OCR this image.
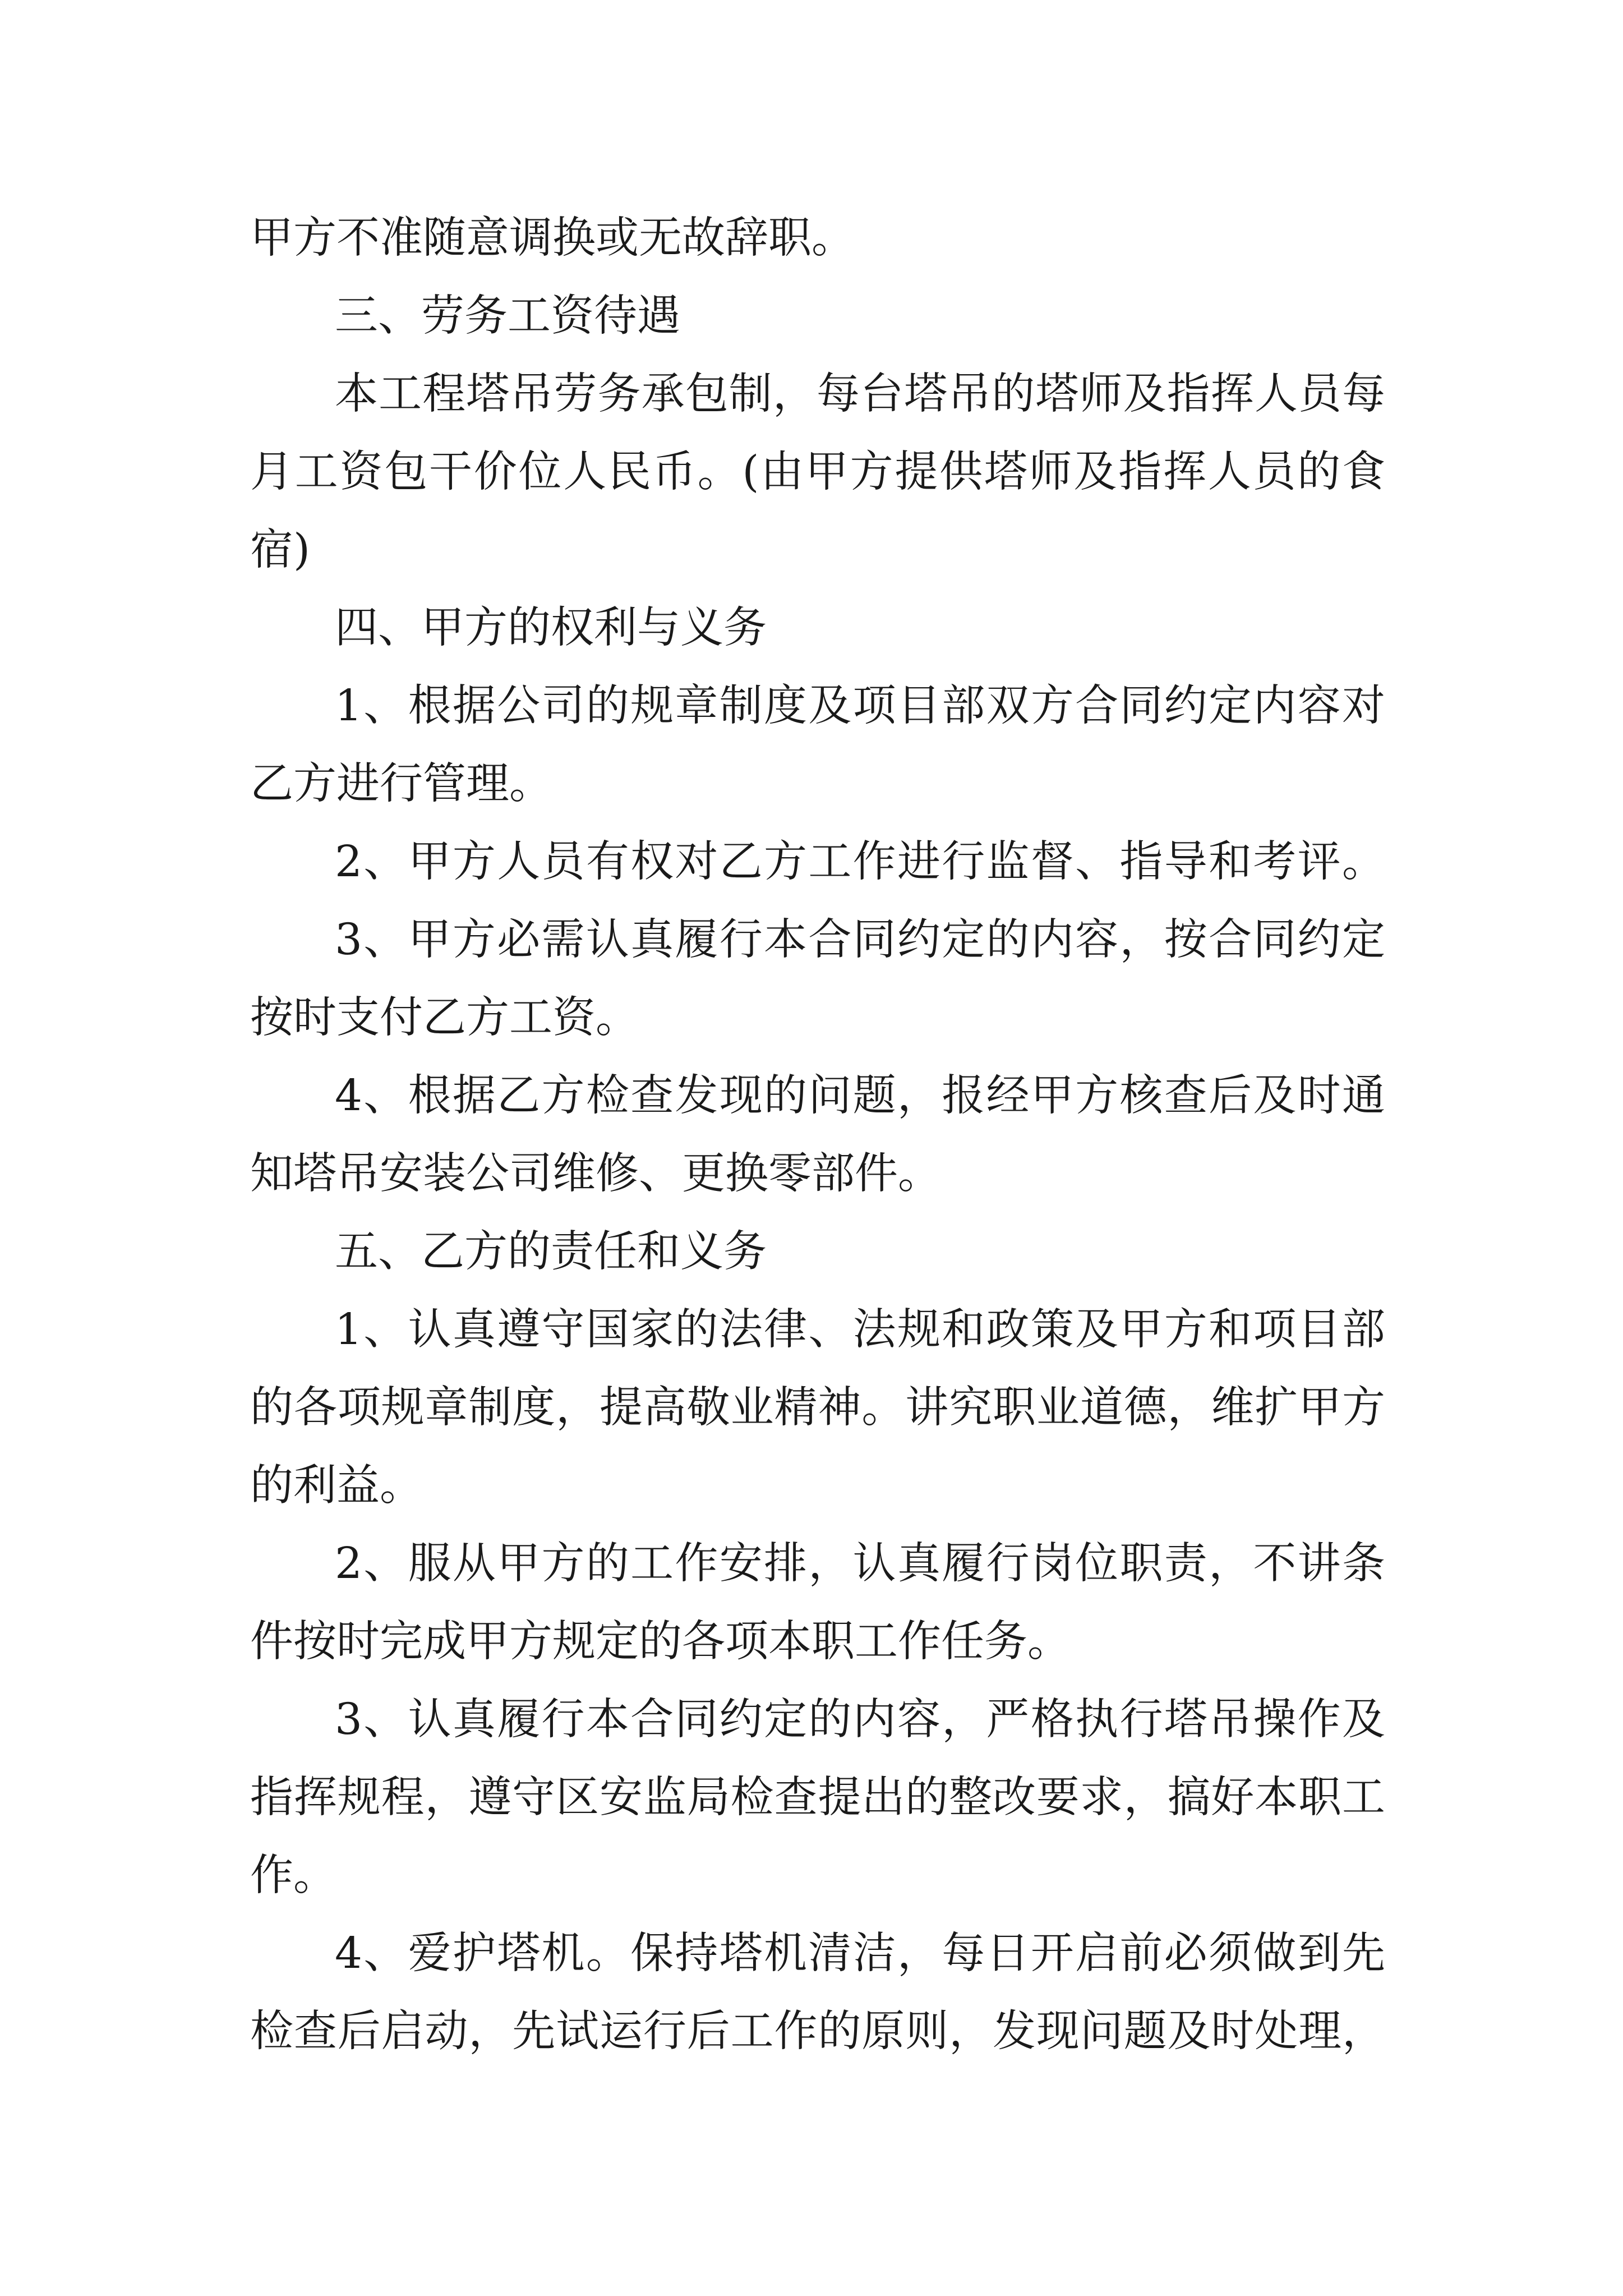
甲方不准随意调换或无故辞职。

三、劳务工资待遇

本工程塔吊劳务承包制，每台塔吊的塔师及指挥人员每

月工资包干价位人民币。(由甲方提供塔师及指挥人员的食

宿)

四、甲方的权利与义务

1、根据公司的规章制度及项目部双方合同约定内容对

乙方进行管理。

2、甲方人员有权对乙方工作进行监督、指导和考评。

3、甲方必需认真履行本合同约定的内容，按合同约定

按时支付乙方工资。

4、根据乙方检查发现的问题，报经甲方核查后及时通

知塔吊安装公司维修、更换零部件。

五、乙方的责任和义务

1、认真遵守国家的法律、法规和政策及甲方和项目部

的各项规章制度，提高敬业精神。讲究职业道德，维扩甲方

的利益。

2、服从甲方的工作安排，认真履行岗位职责，不讲条

件按时完成甲方规定的各项本职工作任务。

3、认真履行本合同约定的内容，严格执行塔吊操作及

指挥规程，遵守区安监局检查提出的整改要求，搞好本职工

作。

4、爱护塔机。保持塔机清洁，每日开启前必须做到先

检查后启动，先试运行后工作的原则，发现问题及时处理，
